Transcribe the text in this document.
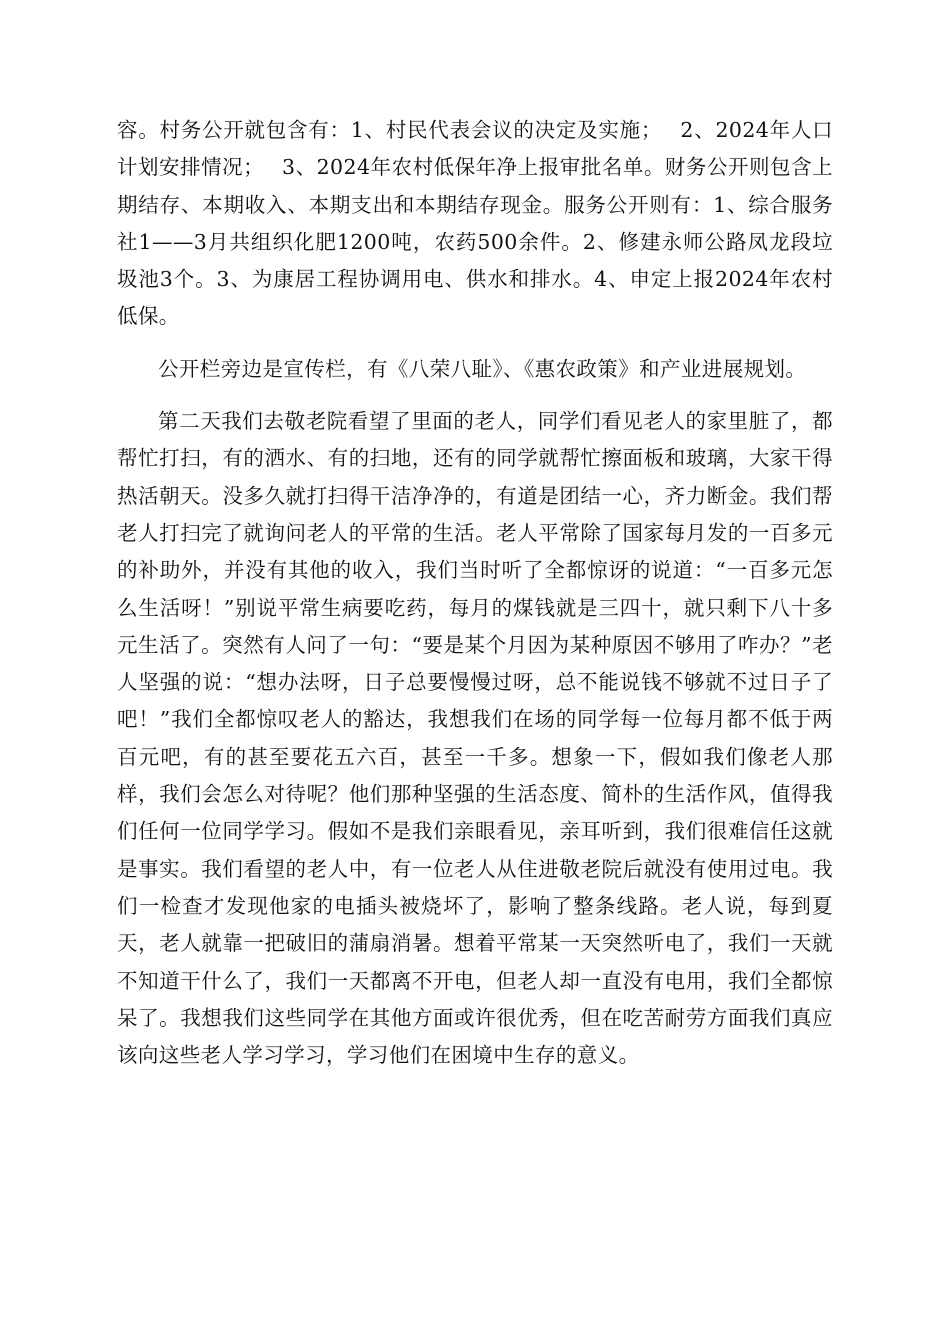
容。村务公开就包含有：1、村民代表会议的决定及实施；　 2、2024年人口计划安排情况；　 3、2024年农村低保年净上报审批名单。财务公开则包含上期结存、本期收入、本期支出和本期结存现金。服务公开则有：1、综合服务社1——3月共组织化肥1200吨，农药500余件。2、修建永师公路凤龙段垃圾池3个。3、为康居工程协调用电、供水和排水。4、申定上报2024年农村低保。

公开栏旁边是宣传栏，有《八荣八耻》、《惠农政策》和产业进展规划。

第二天我们去敬老院看望了里面的老人，同学们看见老人的家里脏了，都帮忙打扫，有的洒水、有的扫地，还有的同学就帮忙擦面板和玻璃，大家干得热活朝天。没多久就打扫得干洁净净的，有道是团结一心，齐力断金。我们帮老人打扫完了就询问老人的平常的生活。老人平常除了国家每月发的一百多元的补助外，并没有其他的收入，我们当时听了全都惊讶的说道：“一百多元怎么生活呀！”别说平常生病要吃药，每月的煤钱就是三四十，就只剩下八十多元生活了。突然有人问了一句：“要是某个月因为某种原因不够用了咋办？”老人坚强的说：“想办法呀，日子总要慢慢过呀，总不能说钱不够就不过日子了吧！”我们全都惊叹老人的豁达，我想我们在场的同学每一位每月都不低于两百元吧，有的甚至要花五六百，甚至一千多。想象一下，假如我们像老人那样，我们会怎么对待呢？他们那种坚强的生活态度、简朴的生活作风，值得我们任何一位同学学习。假如不是我们亲眼看见，亲耳听到，我们很难信任这就是事实。我们看望的老人中，有一位老人从住进敬老院后就没有使用过电。我们一检查才发现他家的电插头被烧坏了，影响了整条线路。老人说，每到夏天，老人就靠一把破旧的蒲扇消暑。想着平常某一天突然听电了，我们一天就不知道干什么了，我们一天都离不开电，但老人却一直没有电用，我们全都惊呆了。我想我们这些同学在其他方面或许很优秀，但在吃苦耐劳方面我们真应该向这些老人学习学习，学习他们在困境中生存的意义。
